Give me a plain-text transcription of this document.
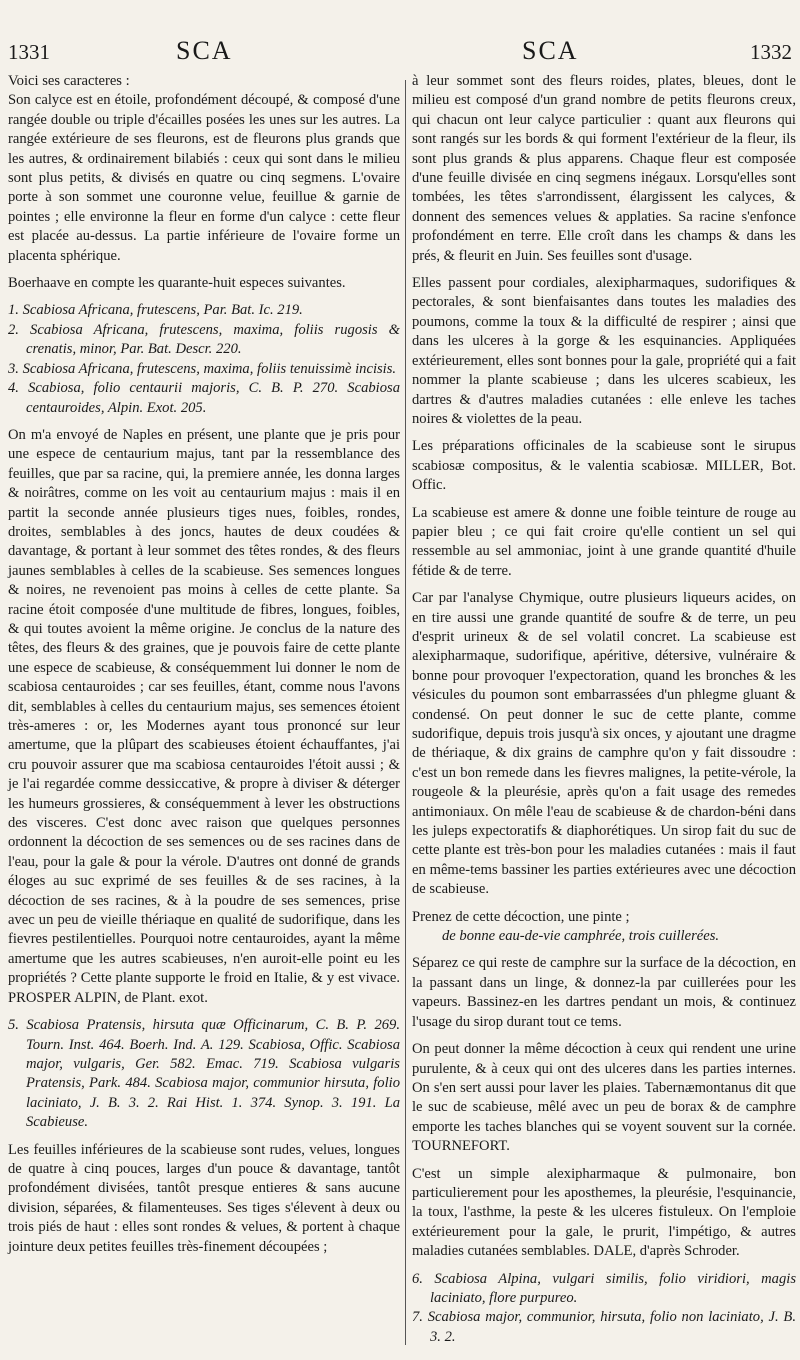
1331	SCA	SCA	1332

Voici ses caracteres :

Son calyce est en étoile, profondément découpé, & composé d'une rangée double ou triple d'écailles posées les unes sur les autres. La rangée extérieure de ses fleurons, est de fleurons plus grands que les autres, & ordinairement bilabiés : ceux qui sont dans le milieu sont plus petits, & divisés en quatre ou cinq segmens. L'ovaire porte à son sommet une couronne velue, feuillue & garnie de pointes ; elle environne la fleur en forme d'un calyce : cette fleur est placée au-dessus. La partie inférieure de l'ovaire forme un placenta sphérique.

Boerhaave en compte les quarante-huit especes suivantes.

1. Scabiosa Africana, frutescens, Par. Bat. Ic. 219.

2. Scabiosa Africana, frutescens, maxima, foliis rugosis & crenatis, minor, Par. Bat. Descr. 220.

3. Scabiosa Africana, frutescens, maxima, foliis tenuissimè incisis.

4. Scabiosa, folio centaurii majoris, C. B. P. 270. Scabiosa centauroides, Alpin. Exot. 205.

On m'a envoyé de Naples en présent, une plante que je pris pour une espece de centaurium majus, tant par la ressemblance des feuilles, que par sa racine, qui, la premiere année, les donna larges & noirâtres, comme on les voit au centaurium majus : mais il en partit la seconde année plusieurs tiges nues, foibles, rondes, droites, semblables à des joncs, hautes de deux coudées & davantage, & portant à leur sommet des têtes rondes, & des fleurs jaunes semblables à celles de la scabieuse. Ses semences longues & noires, ne revenoient pas moins à celles de cette plante. Sa racine étoit composée d'une multitude de fibres, longues, foibles, & qui toutes avoient la même origine. Je conclus de la nature des têtes, des fleurs & des graines, que je pouvois faire de cette plante une espece de scabieuse, & conséquemment lui donner le nom de scabiosa centauroides ; car ses feuilles, étant, comme nous l'avons dit, semblables à celles du centaurium majus, ses semences étoient très-ameres : or, les Modernes ayant tous prononcé sur leur amertume, que la plûpart des scabieuses étoient échauffantes, j'ai cru pouvoir assurer que ma scabiosa centauroides l'étoit aussi ; & je l'ai regardée comme dessiccative, & propre à diviser & déterger les humeurs grossieres, & conséquemment à lever les obstructions des visceres. C'est donc avec raison que quelques personnes ordonnent la décoction de ses semences ou de ses racines dans de l'eau, pour la gale & pour la vérole. D'autres ont donné de grands éloges au suc exprimé de ses feuilles & de ses racines, à la décoction de ses racines, & à la poudre de ses semences, prise avec un peu de vieille thériaque en qualité de sudorifique, dans les fievres pestilentielles. Pourquoi notre centauroides, ayant la même amertume que les autres scabieuses, n'en auroit-elle point eu les propriétés ? Cette plante supporte le froid en Italie, & y est vivace. PROSPER ALPIN, de Plant. exot.

5. Scabiosa Pratensis, hirsuta quæ Officinarum, C. B. P. 269. Tourn. Inst. 464. Boerh. Ind. A. 129. Scabiosa, Offic. Scabiosa major, vulgaris, Ger. 582. Emac. 719. Scabiosa vulgaris Pratensis, Park. 484. Scabiosa major, communior hirsuta, folio laciniato, J. B. 3. 2. Rai Hist. 1. 374. Synop. 3. 191. La Scabieuse.

Les feuilles inférieures de la scabieuse sont rudes, velues, longues de quatre à cinq pouces, larges d'un pouce & davantage, tantôt profondément divisées, tantôt presque entieres & sans aucune division, séparées, & filamenteuses. Ses tiges s'élevent à deux ou trois piés de haut : elles sont rondes & velues, & portent à chaque jointure deux petites feuilles très-finement découpées ;

à leur sommet sont des fleurs roides, plates, bleues, dont le milieu est composé d'un grand nombre de petits fleurons creux, qui chacun ont leur calyce particulier : quant aux fleurons qui sont rangés sur les bords & qui forment l'extérieur de la fleur, ils sont plus grands & plus apparens. Chaque fleur est composée d'une feuille divisée en cinq segmens inégaux. Lorsqu'elles sont tombées, les têtes s'arrondissent, élargissent les calyces, & donnent des semences velues & applaties. Sa racine s'enfonce profondément en terre. Elle croît dans les champs & dans les prés, & fleurit en Juin. Ses feuilles sont d'usage.

Elles passent pour cordiales, alexipharmaques, sudorifiques & pectorales, & sont bienfaisantes dans toutes les maladies des poumons, comme la toux & la difficulté de respirer ; ainsi que dans les ulceres à la gorge & les esquinancies. Appliquées extérieurement, elles sont bonnes pour la gale, propriété qui a fait nommer la plante scabieuse ; dans les ulceres scabieux, les dartres & d'autres maladies cutanées : elle enleve les taches noires & violettes de la peau.

Les préparations officinales de la scabieuse sont le sirupus scabiosæ compositus, & le valentia scabiosæ. MILLER, Bot. Offic.

La scabieuse est amere & donne une foible teinture de rouge au papier bleu ; ce qui fait croire qu'elle contient un sel qui ressemble au sel ammoniac, joint à une grande quantité d'huile fétide & de terre.

Car par l'analyse Chymique, outre plusieurs liqueurs acides, on en tire aussi une grande quantité de soufre & de terre, un peu d'esprit urineux & de sel volatil concret. La scabieuse est alexipharmaque, sudorifique, apéritive, détersive, vulnéraire & bonne pour provoquer l'expectoration, quand les bronches & les vésicules du poumon sont embarrassées d'un phlegme gluant & condensé. On peut donner le suc de cette plante, comme sudorifique, depuis trois jusqu'à six onces, y ajoutant une dragme de thériaque, & dix grains de camphre qu'on y fait dissoudre : c'est un bon remede dans les fievres malignes, la petite-vérole, la rougeole & la pleurésie, après qu'on a fait usage des remedes antimoniaux. On mêle l'eau de scabieuse & de chardon-béni dans les juleps expectoratifs & diaphorétiques. Un sirop fait du suc de cette plante est très-bon pour les maladies cutanées : mais il faut en même-tems bassiner les parties extérieures avec une décoction de scabieuse.

Prenez de cette décoction, une pinte ;

de bonne eau-de-vie camphrée, trois cuillerées.

Séparez ce qui reste de camphre sur la surface de la décoction, en la passant dans un linge, & donnez-la par cuillerées pour les vapeurs. Bassinez-en les dartres pendant un mois, & continuez l'usage du sirop durant tout ce tems.

On peut donner la même décoction à ceux qui rendent une urine purulente, & à ceux qui ont des ulceres dans les parties internes. On s'en sert aussi pour laver les plaies. Tabernæmontanus dit que le suc de scabieuse, mêlé avec un peu de borax & de camphre emporte les taches blanches qui se voyent souvent sur la cornée. TOURNEFORT.

C'est un simple alexipharmaque & pulmonaire, bon particulierement pour les aposthemes, la pleurésie, l'esquinancie, la toux, l'asthme, la peste & les ulceres fistuleux. On l'emploie extérieurement pour la gale, le prurit, l'impétigo, & autres maladies cutanées semblables. DALE, d'après Schroder.

6. Scabiosa Alpina, vulgari similis, folio viridiori, magis laciniato, flore purpureo.

7. Scabiosa major, communior, hirsuta, folio non laciniato, J. B. 3. 2.
